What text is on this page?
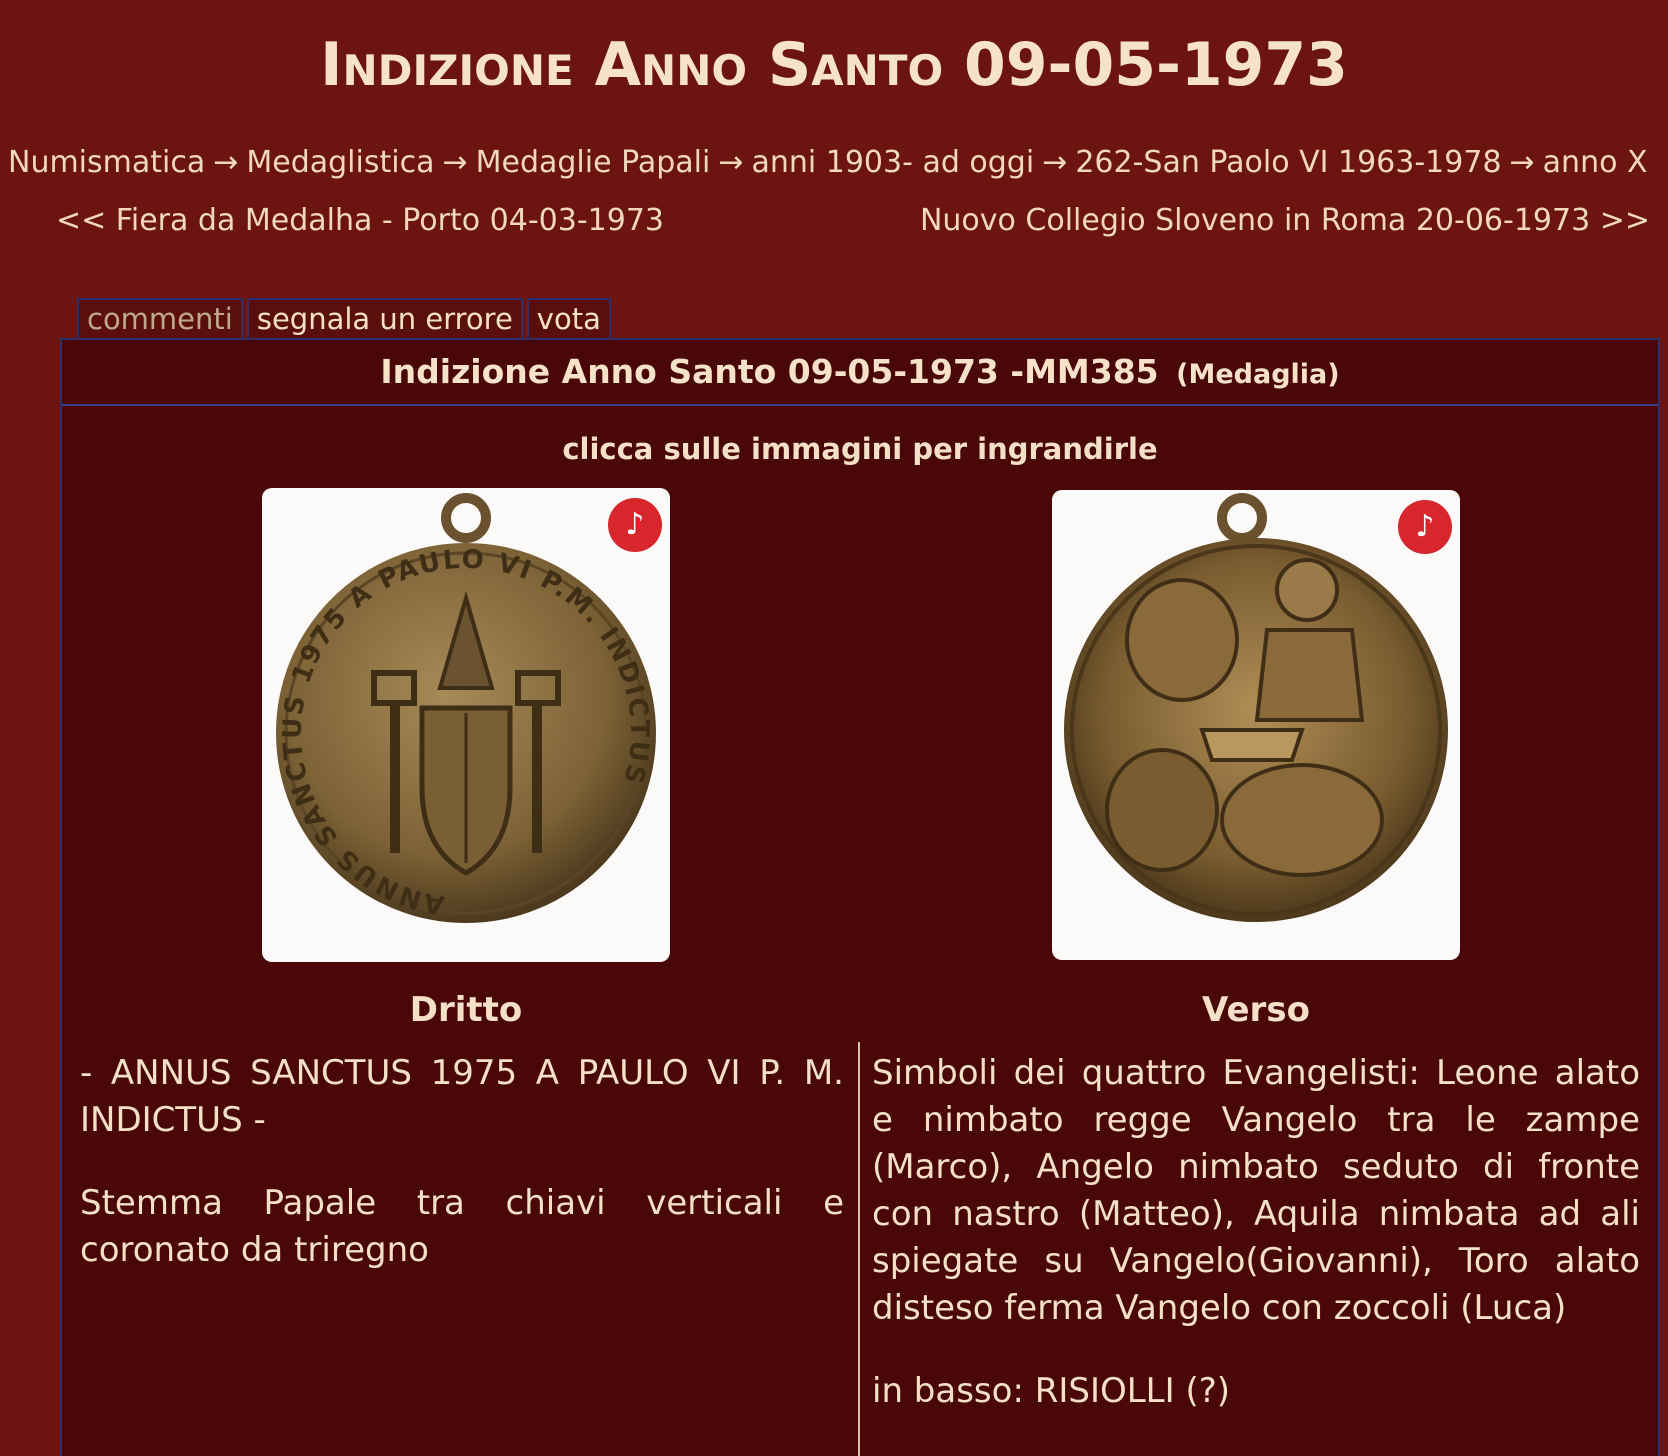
Indizione Anno Santo 09-05-1973
Numismatica → Medaglistica → Medaglie Papali → anni 1903- ad oggi → 262-San Paolo VI 1963-1978 → anno X
<< Fiera da Medalha - Porto 04-03-1973	Nuovo Collegio Sloveno in Roma 20-06-1973 >>
commenti segnala un errore vota
Indizione Anno Santo 09-05-1973 -MM385 (Medaglia)
clicca sulle immagini per ingrandirle
ANNUS SANCTUS 1975 A PAULO VI P.M. INDICTUS
♪	♪
Dritto	Verso

- ANNUS SANCTUS 1975 A PAULO VI P. M. INDICTUS -

Stemma Papale tra chiavi verticali e coronato da triregno

Simboli dei quattro Evangelisti: Leone alato e nimbato regge Vangelo tra le zampe (Marco), Angelo nimbato seduto di fronte con nastro (Matteo), Aquila nimbata ad ali spiegate su Vangelo(Giovanni), Toro alato disteso ferma Vangelo con zoccoli (Luca)

in basso: RISIOLLI (?)
